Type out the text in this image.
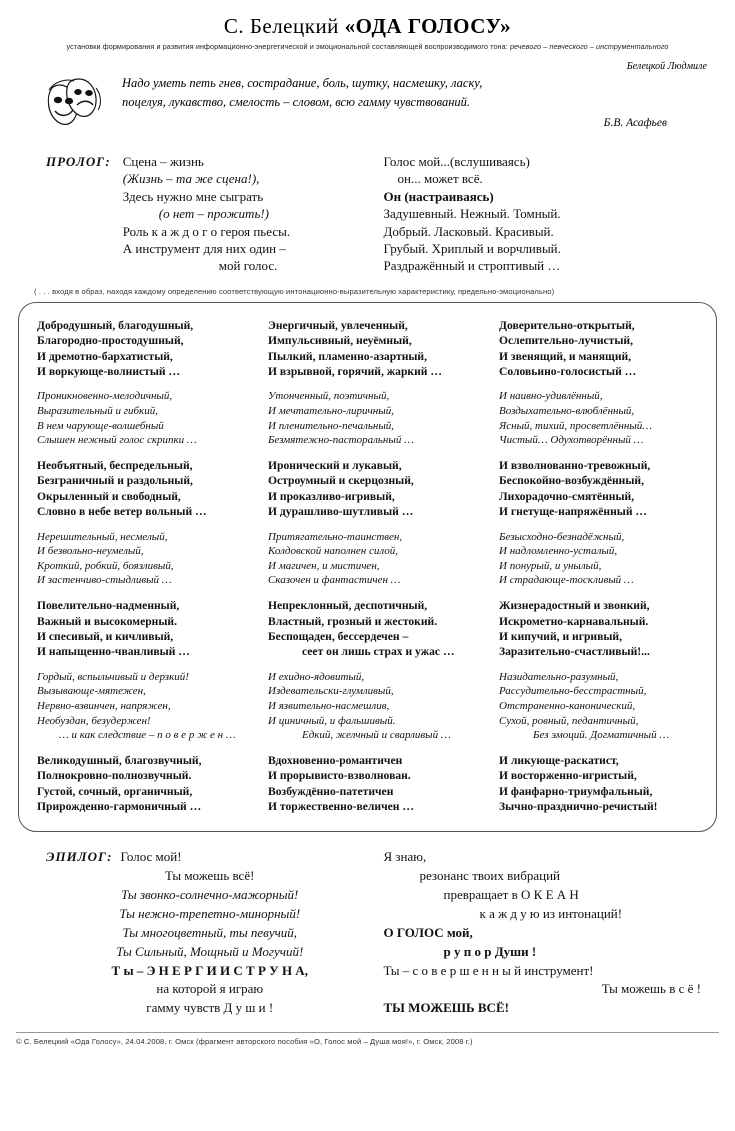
С. Белецкий «ОДА ГОЛОСУ»
установки формирования и развития информационно-энергетической и эмоциональной составляющей воспроизводимого тона: речевого – певческого – инструментального
Белецкой Людмиле
Надо уметь петь гнев, сострадание, боль, шутку, насмешку, ласку,
поцелуя, лукавство, смелость – словом, всю гамму чувствований.
Б.В. Асафьев
ПРОЛОГ: Сцена – жизнь
(Жизнь – та же сцена!),
Здесь нужно мне сыграть
(о нет – прожить!)
Роль к а ж д о г о героя пьесы.
А инструмент для них один –
мой голос.
Голос мой...(вслушиваясь)
он... может всё.
Он (настраиваясь)
Задушевный. Нежный. Томный.
Добрый. Ласковый. Красивый.
Грубый. Хриплый и ворчливый.
Раздражённый и строптивый …
( . . . входя в образ, находя каждому определению соответствующую интонационно-выразительную характеристику, предельно-эмоционально)
Добродушный, благодушный,
Благородно-простодушный,
И дремотно-бархатистый,
И воркующе-волнистый …
Энергичный, увлеченный,
Импульсивный, неуёмный,
Пылкий, пламенно-азартный,
И взрывной, горячий, жаркий …
Доверительно-открытый,
Ослепительно-лучистый,
И звенящий, и манящий,
Соловьино-голосистый …
Проникновенно-мелодичный,
Выразительный и гибкий,
В нем чарующе-волшебный
Слышен нежный голос скрипки …
Утонченный, поэтичный,
И мечтательно-лиричный,
И пленительно-печальный,
Безмятежно-пасторальный …
И наивно-удивлённый,
Воздыхательно-влюблённый,
Ясный, тихий, просветлённый…
Чистый… Одухотворённый …
Необъятный, беспредельный,
Безграничный и раздольный,
Окрыленный и свободный,
Словно в небе ветер вольный …
Иронический и лукавый,
Остроумный и скерцозный,
И проказливо-игривый,
И дурашливо-шутливый …
И взволнованно-тревожный,
Беспокойно-возбуждённый,
Лихорадочно-смятённый,
И гнетуще-напряжённый …
Нерешительный, несмелый,
И безвольно-неумелый,
Кроткий, робкий, боязливый,
И застенчиво-стыдливый …
Притягательно-таинствен,
Колдовской наполнен силой,
И магичен, и мистичен,
Сказочен и фантастичен …
Безысходно-безнадёжный,
И надломленно-усталый,
И понурый, и унылый,
И страдающе-тоскливый …
Повелительно-надменный,
Важный и высокомерный.
И спесивый, и кичливый,
И напыщенно-чванливый …
Непреклонный, деспотичный,
Властный, грозный и жестокий.
Беспощаден, бессердечен –
сеет он лишь страх и ужас …
Жизнерадостный и звонкий,
Искрометно-карнавальный.
И кипучий, и игривый,
Заразительно-счастливый!...
Гордый, вспыльчивый и дерзкий!
Вызывающе-мятежен,
Нервно-взвинчен, напряжен,
Необуздан, безудержен!
… и как следствие – п о в е р ж е н …
И ехидно-ядовитый,
Издевательски-глумливый,
И язвительно-насмешлив,
И циничный, и фальшивый.
Едкий, желчный и сварливый …
Назидательно-разумный,
Рассудительно-бесстрастный,
Отстраненно-канонический,
Сухой, ровный, педантичный,
Без эмоций. Догматичный …
Великодушный, благозвучный,
Полнокровно-полнозвучный.
Густой, сочный, органичный,
Прирожденно-гармоничный …
Вдохновенно-романтичен
И прорывисто-взволнован.
Возбуждённо-патетичен
И торжественно-величен …
И ликующе-раскатист,
И восторженно-игристый,
И фанфарно-триумфальный,
Зычно-празднично-речистый!
ЭПИЛОГ: Голос мой!
Ты можешь всё!
Ты звонко-солнечно-мажорный!
Ты нежно-трепетно-минорный!
Ты многоцветный, ты певучий,
Ты Сильный, Мощный и Могучий!
Т ы – Э Н Е Р Г И И С Т Р У Н А,
на которой я играю
гамму чувств Д у ш и !
Я знаю,
резонанс твоих вибраций
превращает в О К Е А Н
к а ж д у ю из интонаций!
О ГОЛОС мой,
р у п о р Души !
Ты – с о в е р ш е н н ы й инструмент!
Ты можешь в с ё !
ТЫ МОЖЕШЬ ВСЁ!
© С. Белецкий «Ода Голосу», 24.04.2008, г. Омск (фрагмент авторского пособия «О, Голос мой – Душа моя!», г. Омск, 2008 г.)
